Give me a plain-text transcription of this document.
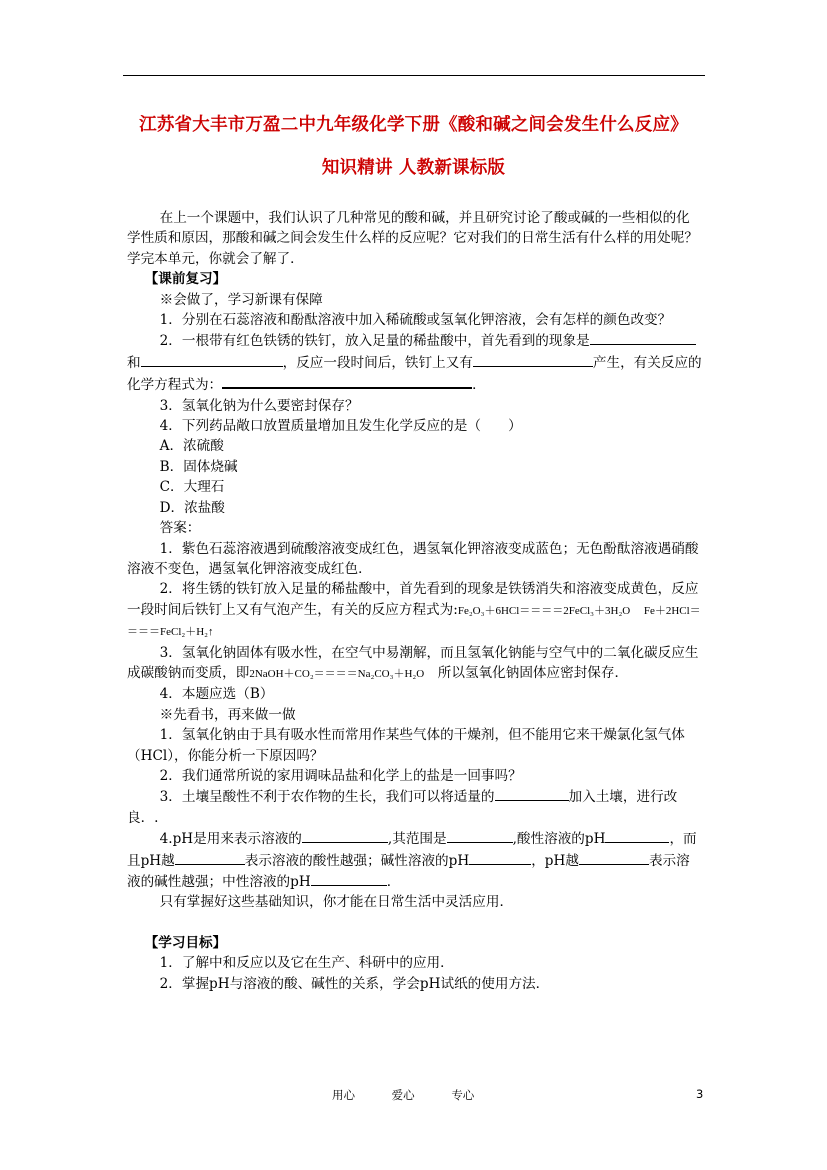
江苏省大丰市万盈二中九年级化学下册《酸和碱之间会发生什么反应》
知识精讲 人教新课标版

在上一个课题中，我们认识了几种常见的酸和碱，并且研究讨论了酸或碱的一些相似的化学性质和原因，那酸和碱之间会发生什么样的反应呢？它对我们的日常生活有什么样的用处呢？学完本单元，你就会了解了．

【课前复习】

※会做了，学习新课有保障

1．分别在石蕊溶液和酚酞溶液中加入稀硫酸或氢氧化钾溶液，会有怎样的颜色改变？

2．一根带有红色铁锈的铁钉，放入足量的稀盐酸中，首先看到的现象是和	，反应一段时间后，铁钉上又有	产生，有关反应的化学方程式为：	．

3．氢氧化钠为什么要密封保存？

4．下列药品敞口放置质量增加且发生化学反应的是（　　）

A．浓硫酸

B．固体烧碱

C．大理石

D．浓盐酸

答案：

1．紫色石蕊溶液遇到硫酸溶液变成红色，遇氢氧化钾溶液变成蓝色；无色酚酞溶液遇硝酸溶液不变色，遇氢氧化钾溶液变成红色．

2．将生锈的铁钉放入足量的稀盐酸中，首先看到的现象是铁锈消失和溶液变成黄色，反应一段时间后铁钉上又有气泡产生，有关的反应方程式为:Fe₂O₃＋6HCl＝＝＝＝2FeCl₃＋3H₂O　 Fe＋2HCl＝＝＝＝FeCl₂＋H₂↑

3．氢氧化钠固体有吸水性，在空气中易潮解，而且氢氧化钠能与空气中的二氧化碳反应生成碳酸钠而变质，即2NaOH＋CO₂＝＝＝＝Na₂CO₃＋H₂O　 所以氢氧化钠固体应密封保存．

4．本题应选（B）

※先看书，再来做一做

1．氢氧化钠由于具有吸水性而常用作某些气体的干燥剂，但不能用它来干燥氯化氢气体（HCl），你能分析一下原因吗？

2．我们通常所说的家用调味品盐和化学上的盐是一回事吗？

3．土壤呈酸性不利于农作物的生长，我们可以将适量的	加入土壤，进行改良．.

4.pH是用来表示溶液的	,其范围是	,酸性溶液的pH	，而且pH越	表示溶液的酸性越强；碱性溶液的pH	，pH越	表示溶液的碱性越强；中性溶液的pH	．

只有掌握好这些基础知识，你才能在日常生活中灵活应用．

【学习目标】

1．了解中和反应以及它在生产、科研中的应用．

2．掌握pH与溶液的酸、碱性的关系，学会pH试纸的使用方法．

用心	爱心	专心	3
